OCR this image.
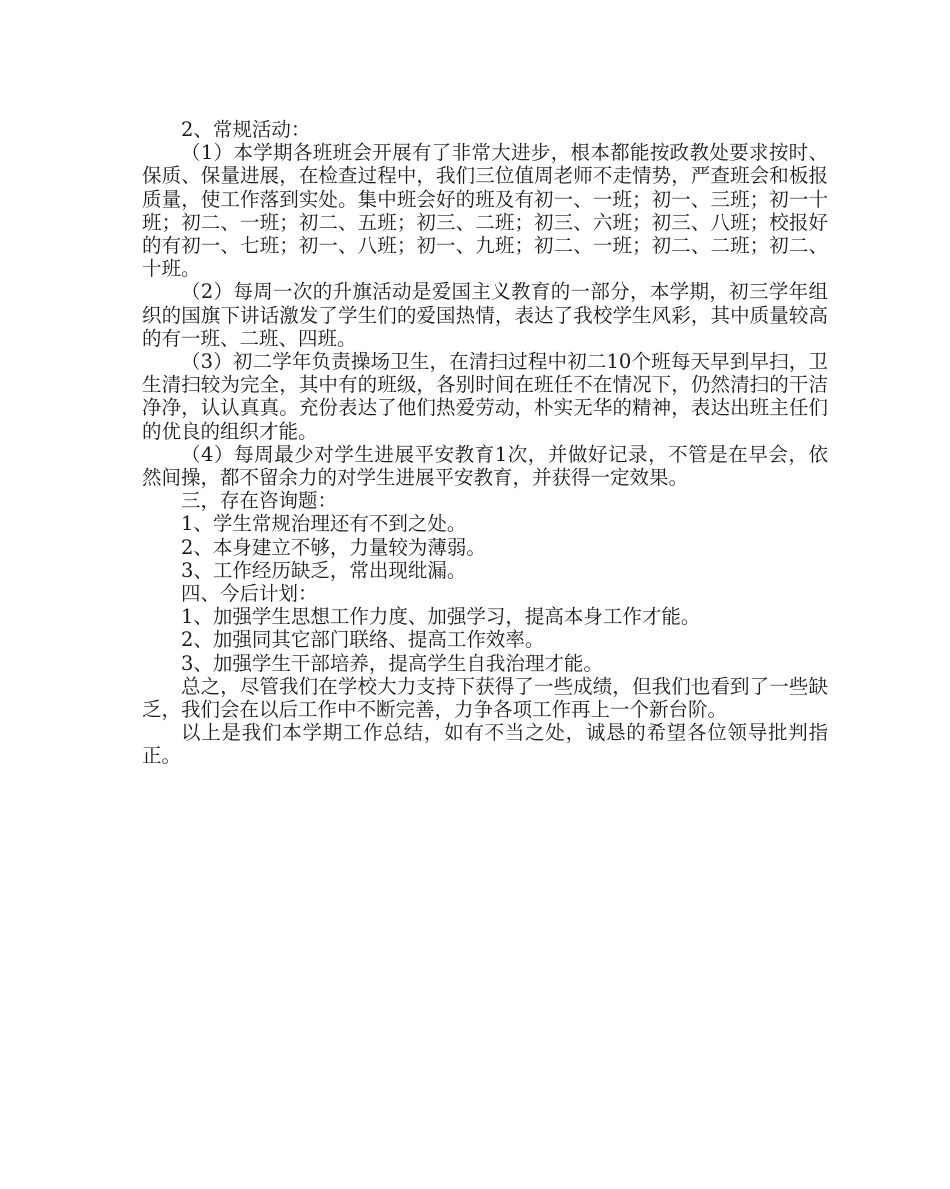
2、常规活动：

（1）本学期各班班会开展有了非常大进步，根本都能按政教处要求按时、保质、保量进展，在检查过程中，我们三位值周老师不走情势，严查班会和板报质量，使工作落到实处。集中班会好的班及有初一、一班；初一、三班；初一十班；初二、一班；初二、五班；初三、二班；初三、六班；初三、八班；校报好的有初一、七班；初一、八班；初一、九班；初二、一班；初二、二班；初二、十班。

（2）每周一次的升旗活动是爱国主义教育的一部分，本学期，初三学年组织的国旗下讲话激发了学生们的爱国热情，表达了我校学生风彩，其中质量较高的有一班、二班、四班。

（3）初二学年负责操场卫生，在清扫过程中初二10个班每天早到早扫，卫生清扫较为完全，其中有的班级，各别时间在班任不在情况下，仍然清扫的干洁净净，认认真真。充份表达了他们热爱劳动，朴实无华的精神，表达出班主任们的优良的组织才能。

（4）每周最少对学生进展平安教育1次，并做好记录，不管是在早会，依然间操，都不留余力的对学生进展平安教育，并获得一定效果。

三，存在咨询题：

1、学生常规治理还有不到之处。

2、本身建立不够，力量较为薄弱。

3、工作经历缺乏，常出现纰漏。

四、今后计划：

1、加强学生思想工作力度、加强学习，提高本身工作才能。

2、加强同其它部门联络、提高工作效率。

3、加强学生干部培养，提高学生自我治理才能。

总之，尽管我们在学校大力支持下获得了一些成绩，但我们也看到了一些缺乏，我们会在以后工作中不断完善，力争各项工作再上一个新台阶。

以上是我们本学期工作总结，如有不当之处，诚恳的希望各位领导批判指正。
